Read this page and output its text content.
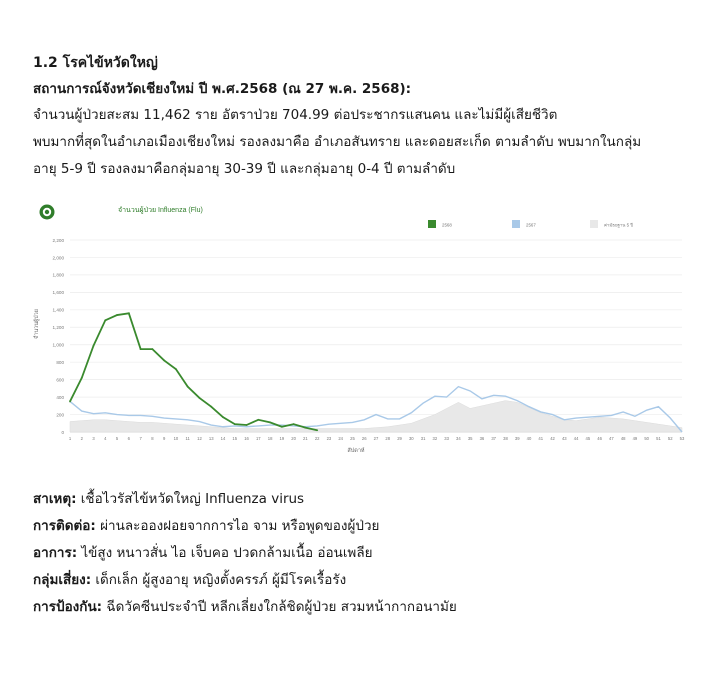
1.2 โรคไข้หวัดใหญ่
สถานการณ์จังหวัดเชียงใหม่ ปี พ.ศ.2568 (ณ 27 พ.ค. 2568):
จำนวนผู้ป่วยสะสม 11,462 ราย อัตราป่วย 704.99 ต่อประชากรแสนคน และไม่มีผู้เสียชีวิต
พบมากที่สุดในอำเภอเมืองเชียงใหม่ รองลงมาคือ อำเภอสันทราย และดอยสะเก็ด ตามลำดับ พบมากในกลุ่ม
อายุ 5-9 ปี รองลงมาคือกลุ่มอายุ 30-39 ปี และกลุ่มอายุ 0-4 ปี ตามลำดับ
จำนวนผู้ป่วย Influenza (Flu)
จำนวนผู้ป่วย
สัปดาห์
0
200
400
600
800
1,000
1,200
1,400
1,600
1,800
2,000
2,200
1 2 3 4 5 6 7 8 9 10 11 12 13 14 15 16 17 18 19 20 21 22 23 24 25 26 27 28 29 30 31 32 33 34 35 36 37 38 39 40 41 42 43 44 45 46 47 48 49 50 51 52 53
2568	2567	ค่ามัธยฐาน 5 ปี
สาเหตุ: เชื้อไวรัสไข้หวัดใหญ่ Influenza virus
การติดต่อ: ผ่านละอองฝอยจากการไอ จาม หรือพูดของผู้ป่วย
อาการ: ไข้สูง หนาวสั่น ไอ เจ็บคอ ปวดกล้ามเนื้อ อ่อนเพลีย
กลุ่มเสี่ยง: เด็กเล็ก ผู้สูงอายุ หญิงตั้งครรภ์ ผู้มีโรคเรื้อรัง
การป้องกัน: ฉีดวัคซีนประจำปี หลีกเลี่ยงใกล้ชิดผู้ป่วย สวมหน้ากากอนามัย
